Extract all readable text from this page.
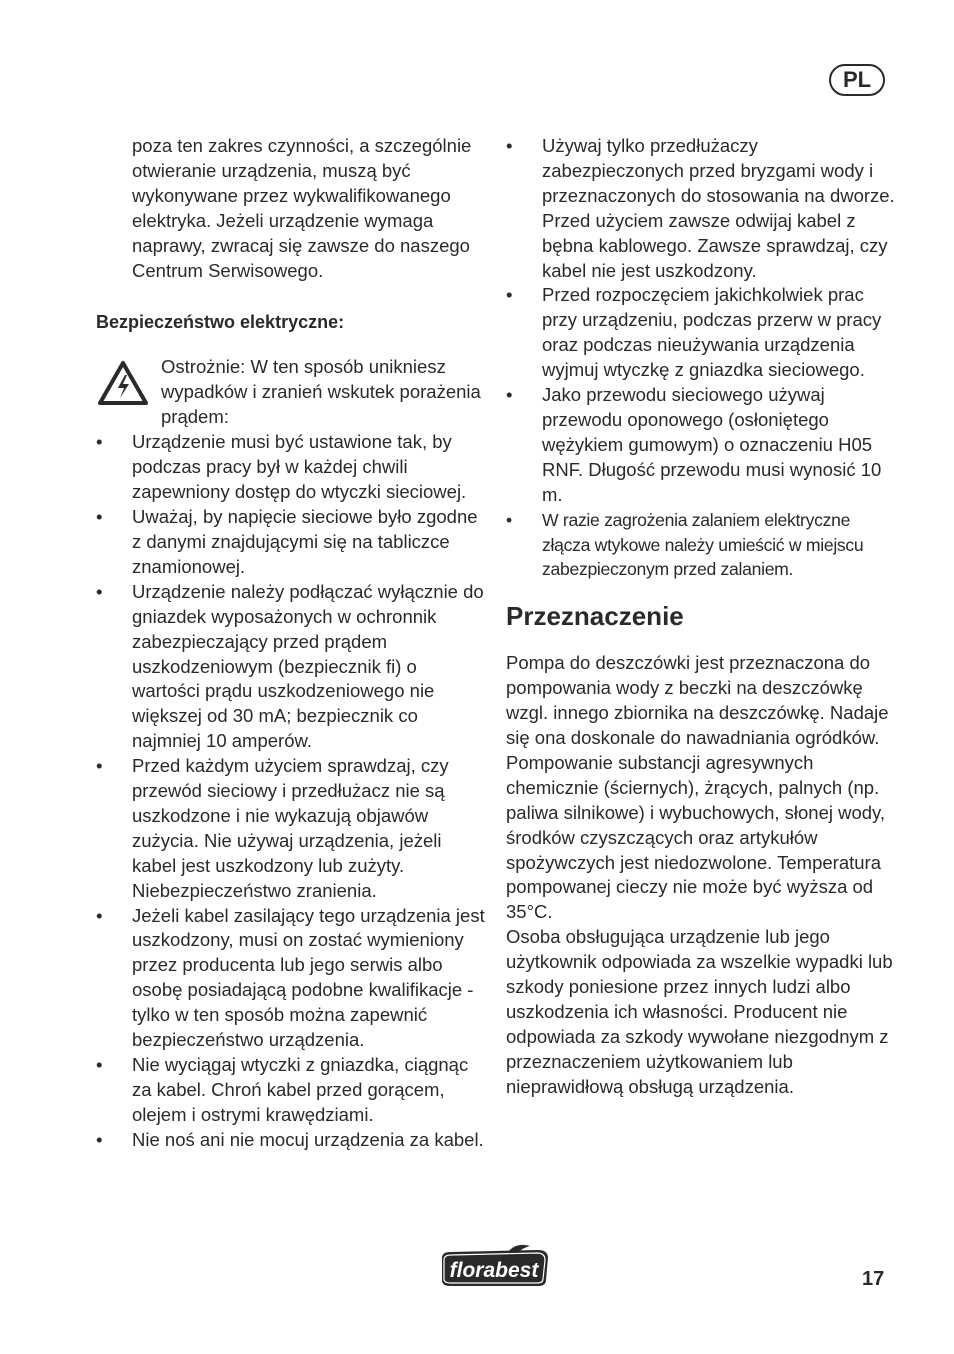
PL

poza ten zakres czynności, a szczególnie otwieranie urządzenia, muszą być wykonywane przez wykwalifikowanego elektryka. Jeżeli urządzenie wymaga naprawy, zwracaj się zawsze do naszego Centrum Serwisowego.

Bezpieczeństwo elektryczne:

Ostrożnie: W ten sposób unikniesz wypadków i zranień wskutek porażenia prądem:
• Urządzenie musi być ustawione tak, by podczas pracy był w każdej chwili zapewniony dostęp do wtyczki sieciowej.
• Uważaj, by napięcie sieciowe było zgodne z danymi znajdującymi się na tabliczce znamionowej.
• Urządzenie należy podłączać wyłącznie do gniazdek wyposażonych w ochronnik zabezpieczający przed prądem uszkodzeniowym (bezpiecznik fi) o wartości prądu uszkodzeniowego nie większej od 30 mA; bezpiecznik co najmniej 10 amperów.
• Przed każdym użyciem sprawdzaj, czy przewód sieciowy i przedłużacz nie są uszkodzone i nie wykazują objawów zużycia. Nie używaj urządzenia, jeżeli kabel jest uszkodzony lub zużyty. Niebezpieczeństwo zranienia.
• Jeżeli kabel zasilający tego urządzenia jest uszkodzony, musi on zostać wymieniony przez producenta lub jego serwis albo osobę posiadającą podobne kwalifikacje - tylko w ten sposób można zapewnić bezpieczeństwo urządzenia.
• Nie wyciągaj wtyczki z gniazdka, ciągnąc za kabel. Chroń kabel przed gorącem, olejem i ostrymi krawędziami.
• Nie noś ani nie mocuj urządzenia za kabel.
• Używaj tylko przedłużaczy zabezpieczonych przed bryzgami wody i przeznaczonych do stosowania na dworze. Przed użyciem zawsze odwijaj kabel z bębna kablowego. Zawsze sprawdzaj, czy kabel nie jest uszkodzony.
• Przed rozpoczęciem jakichkolwiek prac przy urządzeniu, podczas przerw w pracy oraz podczas nieużywania urządzenia wyjmuj wtyczkę z gniazdka sieciowego.
• Jako przewodu sieciowego używaj przewodu oponowego (osłoniętego wężykiem gumowym) o oznaczeniu H05 RNF. Długość przewodu musi wynosić 10 m.
• W razie zagrożenia zalaniem elektryczne złącza wtykowe należy umieścić w miejscu zabezpieczonym przed zalaniem.
Przeznaczenie

Pompa do deszczówki jest przeznaczona do pompowania wody z beczki na deszczówkę wzgl. innego zbiornika na deszczówkę. Nadaje się ona doskonale do nawadniania ogródków.

Pompowanie substancji agresywnych chemicznie (ściernych), żrących, palnych (np. paliwa silnikowe) i wybuchowych, słonej wody, środków czyszczących oraz artykułów spożywczych jest niedozwolone. Temperatura pompowanej cieczy nie może być wyższa od 35°C.

Osoba obsługująca urządzenie lub jego użytkownik odpowiada za wszelkie wypadki lub szkody poniesione przez innych ludzi albo uszkodzenia ich własności. Producent nie odpowiada za szkody wywołane niezgodnym z przeznaczeniem użytkowaniem lub nieprawidłową obsługą urządzenia.

florabest	17
